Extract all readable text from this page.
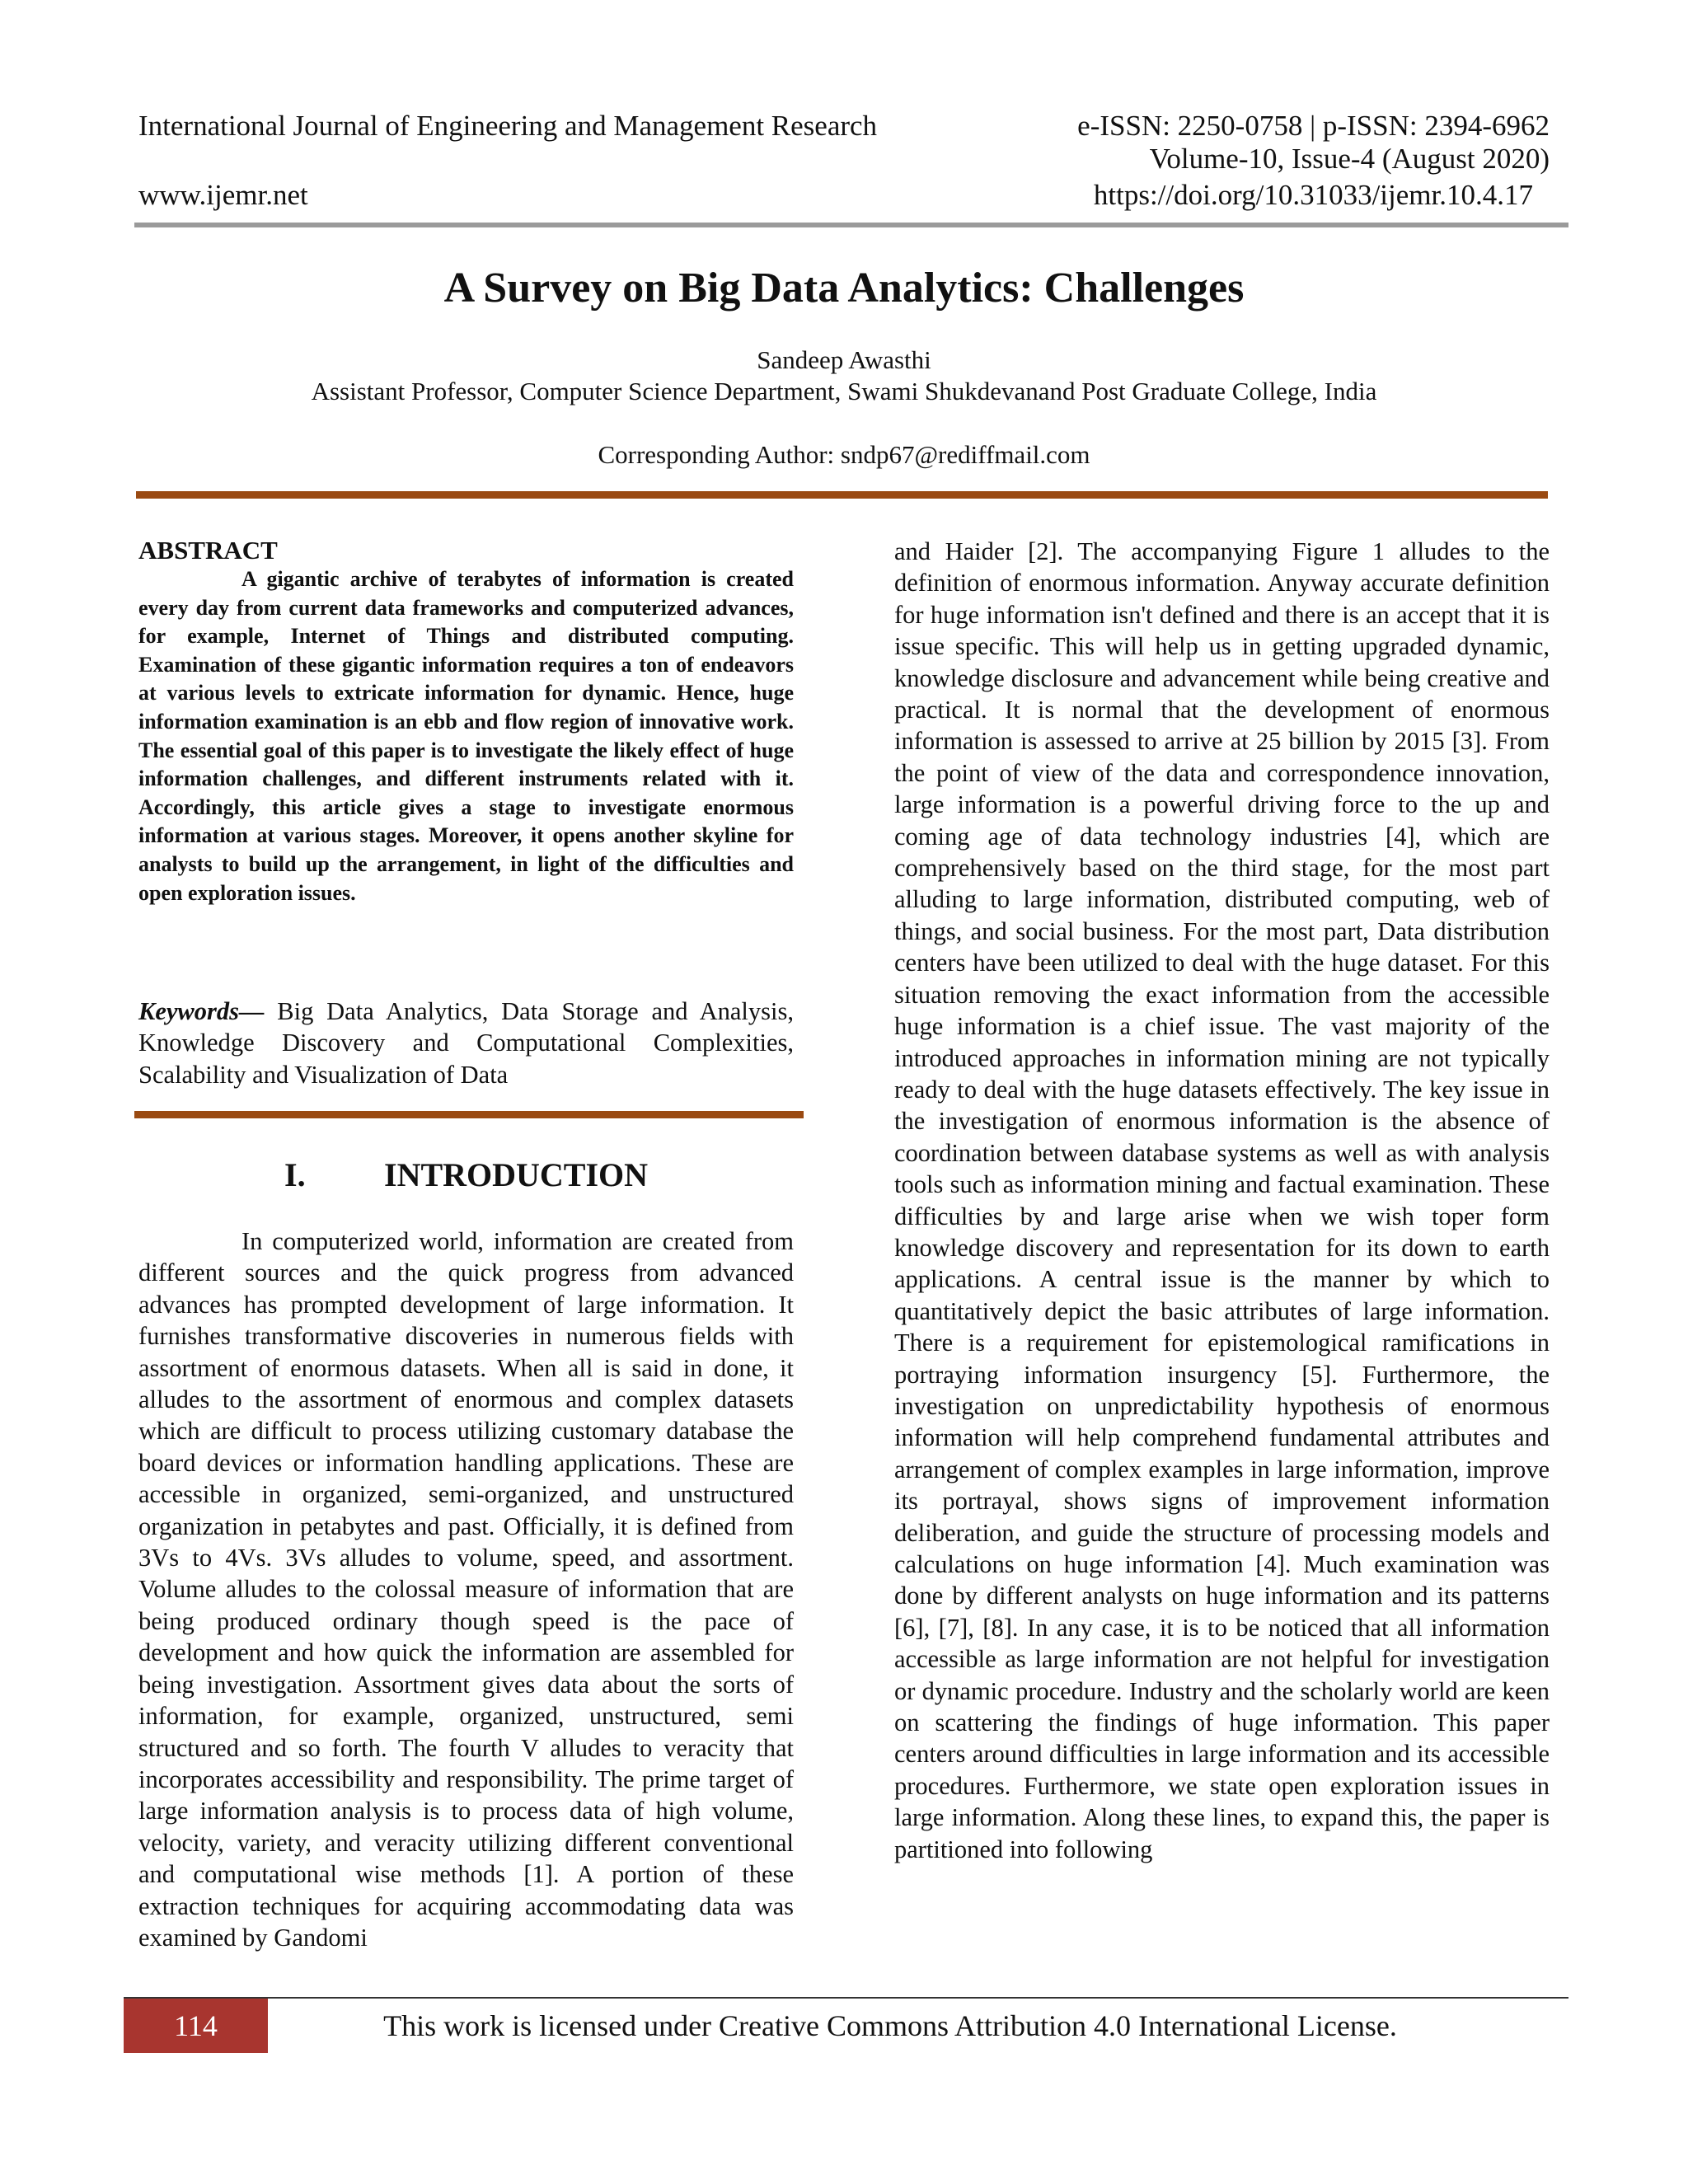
International Journal of Engineering and Management Research	e-ISSN: 2250-0758 | p-ISSN: 2394-6962
Volume-10, Issue-4 (August 2020)
www.ijemr.net	https://doi.org/10.31033/ijemr.10.4.17
A Survey on Big Data Analytics: Challenges
Sandeep Awasthi
Assistant Professor, Computer Science Department, Swami Shukdevanand Post Graduate College, India
Corresponding Author: sndp67@rediffmail.com

ABSTRACT

A gigantic archive of terabytes of information is created every day from current data frameworks and computerized advances, for example, Internet of Things and distributed computing. Examination of these gigantic information requires a ton of endeavors at various levels to extricate information for dynamic. Hence, huge information examination is an ebb and flow region of innovative work. The essential goal of this paper is to investigate the likely effect of huge information challenges, and different instruments related with it. Accordingly, this article gives a stage to investigate enormous information at various stages. Moreover, it opens another skyline for analysts to build up the arrangement, in light of the difficulties and open exploration issues.

Keywords— Big Data Analytics, Data Storage and Analysis, Knowledge Discovery and Computational Complexities, Scalability and Visualization of Data

I. INTRODUCTION

In computerized world, information are created from different sources and the quick progress from advanced advances has prompted development of large information. It furnishes transformative discoveries in numerous fields with assortment of enormous datasets. When all is said in done, it alludes to the assortment of enormous and complex datasets which are difficult to process utilizing customary database the board devices or information handling applications. These are accessible in organized, semi-organized, and unstructured organization in petabytes and past. Officially, it is defined from 3Vs to 4Vs. 3Vs alludes to volume, speed, and assortment. Volume alludes to the colossal measure of information that are being produced ordinary though speed is the pace of development and how quick the information are assembled for being investigation. Assortment gives data about the sorts of information, for example, organized, unstructured, semi structured and so forth. The fourth V alludes to veracity that incorporates accessibility and responsibility. The prime target of large information analysis is to process data of high volume, velocity, variety, and veracity utilizing different conventional and computational wise methods [1]. A portion of these extraction techniques for acquiring accommodating data was examined by Gandomi

and Haider [2]. The accompanying Figure 1 alludes to the definition of enormous information. Anyway accurate definition for huge information isn't defined and there is an accept that it is issue specific. This will help us in getting upgraded dynamic, knowledge disclosure and advancement while being creative and practical. It is normal that the development of enormous information is assessed to arrive at 25 billion by 2015 [3]. From the point of view of the data and correspondence innovation, large information is a powerful driving force to the up and coming age of data technology industries [4], which are comprehensively based on the third stage, for the most part alluding to large information, distributed computing, web of things, and social business. For the most part, Data distribution centers have been utilized to deal with the huge dataset. For this situation removing the exact information from the accessible huge information is a chief issue. The vast majority of the introduced approaches in information mining are not typically ready to deal with the huge datasets effectively. The key issue in the investigation of enormous information is the absence of coordination between database systems as well as with analysis tools such as information mining and factual examination. These difficulties by and large arise when we wish toper form knowledge discovery and representation for its down to earth applications. A central issue is the manner by which to quantitatively depict the basic attributes of large information. There is a requirement for epistemological ramifications in portraying information insurgency [5]. Furthermore, the investigation on unpredictability hypothesis of enormous information will help comprehend fundamental attributes and arrangement of complex examples in large information, improve its portrayal, shows signs of improvement information deliberation, and guide the structure of processing models and calculations on huge information [4]. Much examination was done by different analysts on huge information and its patterns [6], [7], [8]. In any case, it is to be noticed that all information accessible as large information are not helpful for investigation or dynamic procedure. Industry and the scholarly world are keen on scattering the findings of huge information. This paper centers around difficulties in large information and its accessible procedures. Furthermore, we state open exploration issues in large information. Along these lines, to expand this, the paper is partitioned into following

114	This work is licensed under Creative Commons Attribution 4.0 International License.
